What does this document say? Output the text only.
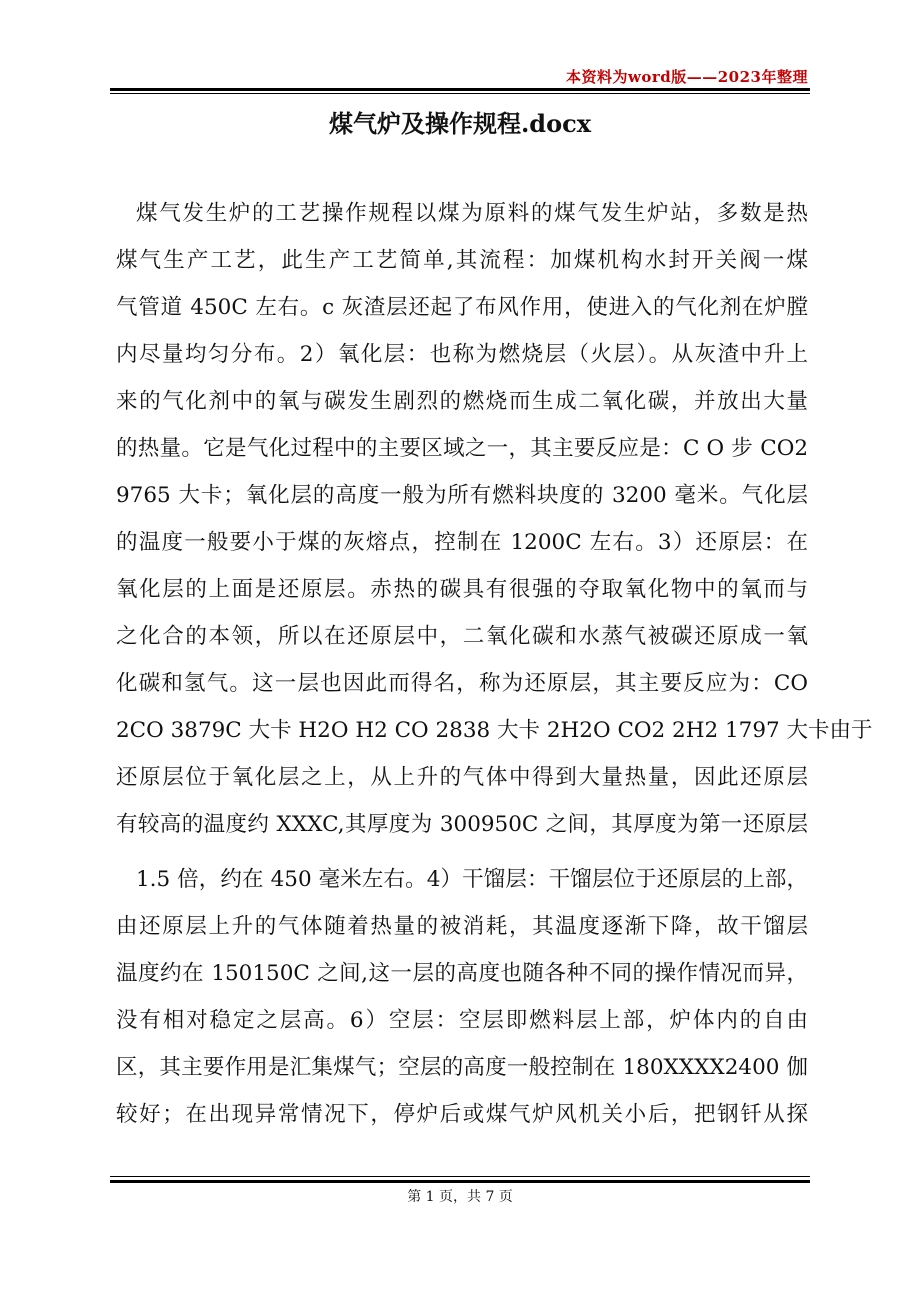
本资料为word版——2023年整理
煤气炉及操作规程.docx
煤气发生炉的工艺操作规程以煤为原料的煤气发生炉站，多数是热
煤气生产工艺，此生产工艺简单,其流程：加煤机构水封开关阀一煤
气管道 450C 左右。c 灰渣层还起了布风作用，使进入的气化剂在炉膛
内尽量均匀分布。2）氧化层：也称为燃烧层（火层）。从灰渣中升上
来的气化剂中的氧与碳发生剧烈的燃烧而生成二氧化碳，并放出大量
的热量。它是气化过程中的主要区域之一，其主要反应是：C O 步 CO2
9765 大卡；氧化层的高度一般为所有燃料块度的 3200 毫米。气化层
的温度一般要小于煤的灰熔点，控制在 1200C 左右。3）还原层：在
氧化层的上面是还原层。赤热的碳具有很强的夺取氧化物中的氧而与
之化合的本领，所以在还原层中，二氧化碳和水蒸气被碳还原成一氧
化碳和氢气。这一层也因此而得名，称为还原层，其主要反应为：CO
2CO 3879C 大卡 H2O H2 CO 2838 大卡 2H2O CO2 2H2 1797 大卡由于
还原层位于氧化层之上，从上升的气体中得到大量热量，因此还原层
有较高的温度约 XXXC,其厚度为 300950C 之间，其厚度为第一还原层
1.5 倍，约在 450 毫米左右。4）干馏层：干馏层位于还原层的上部，
由还原层上升的气体随着热量的被消耗，其温度逐渐下降，故干馏层
温度约在 150150C 之间,这一层的高度也随各种不同的操作情况而异，
没有相对稳定之层高。6）空层：空层即燃料层上部，炉体内的自由
区，其主要作用是汇集煤气；空层的高度一般控制在 180XXXX2400 伽
较好；在出现异常情况下，停炉后或煤气炉风机关小后，把钢钎从探
第 1 页，共 7 页
